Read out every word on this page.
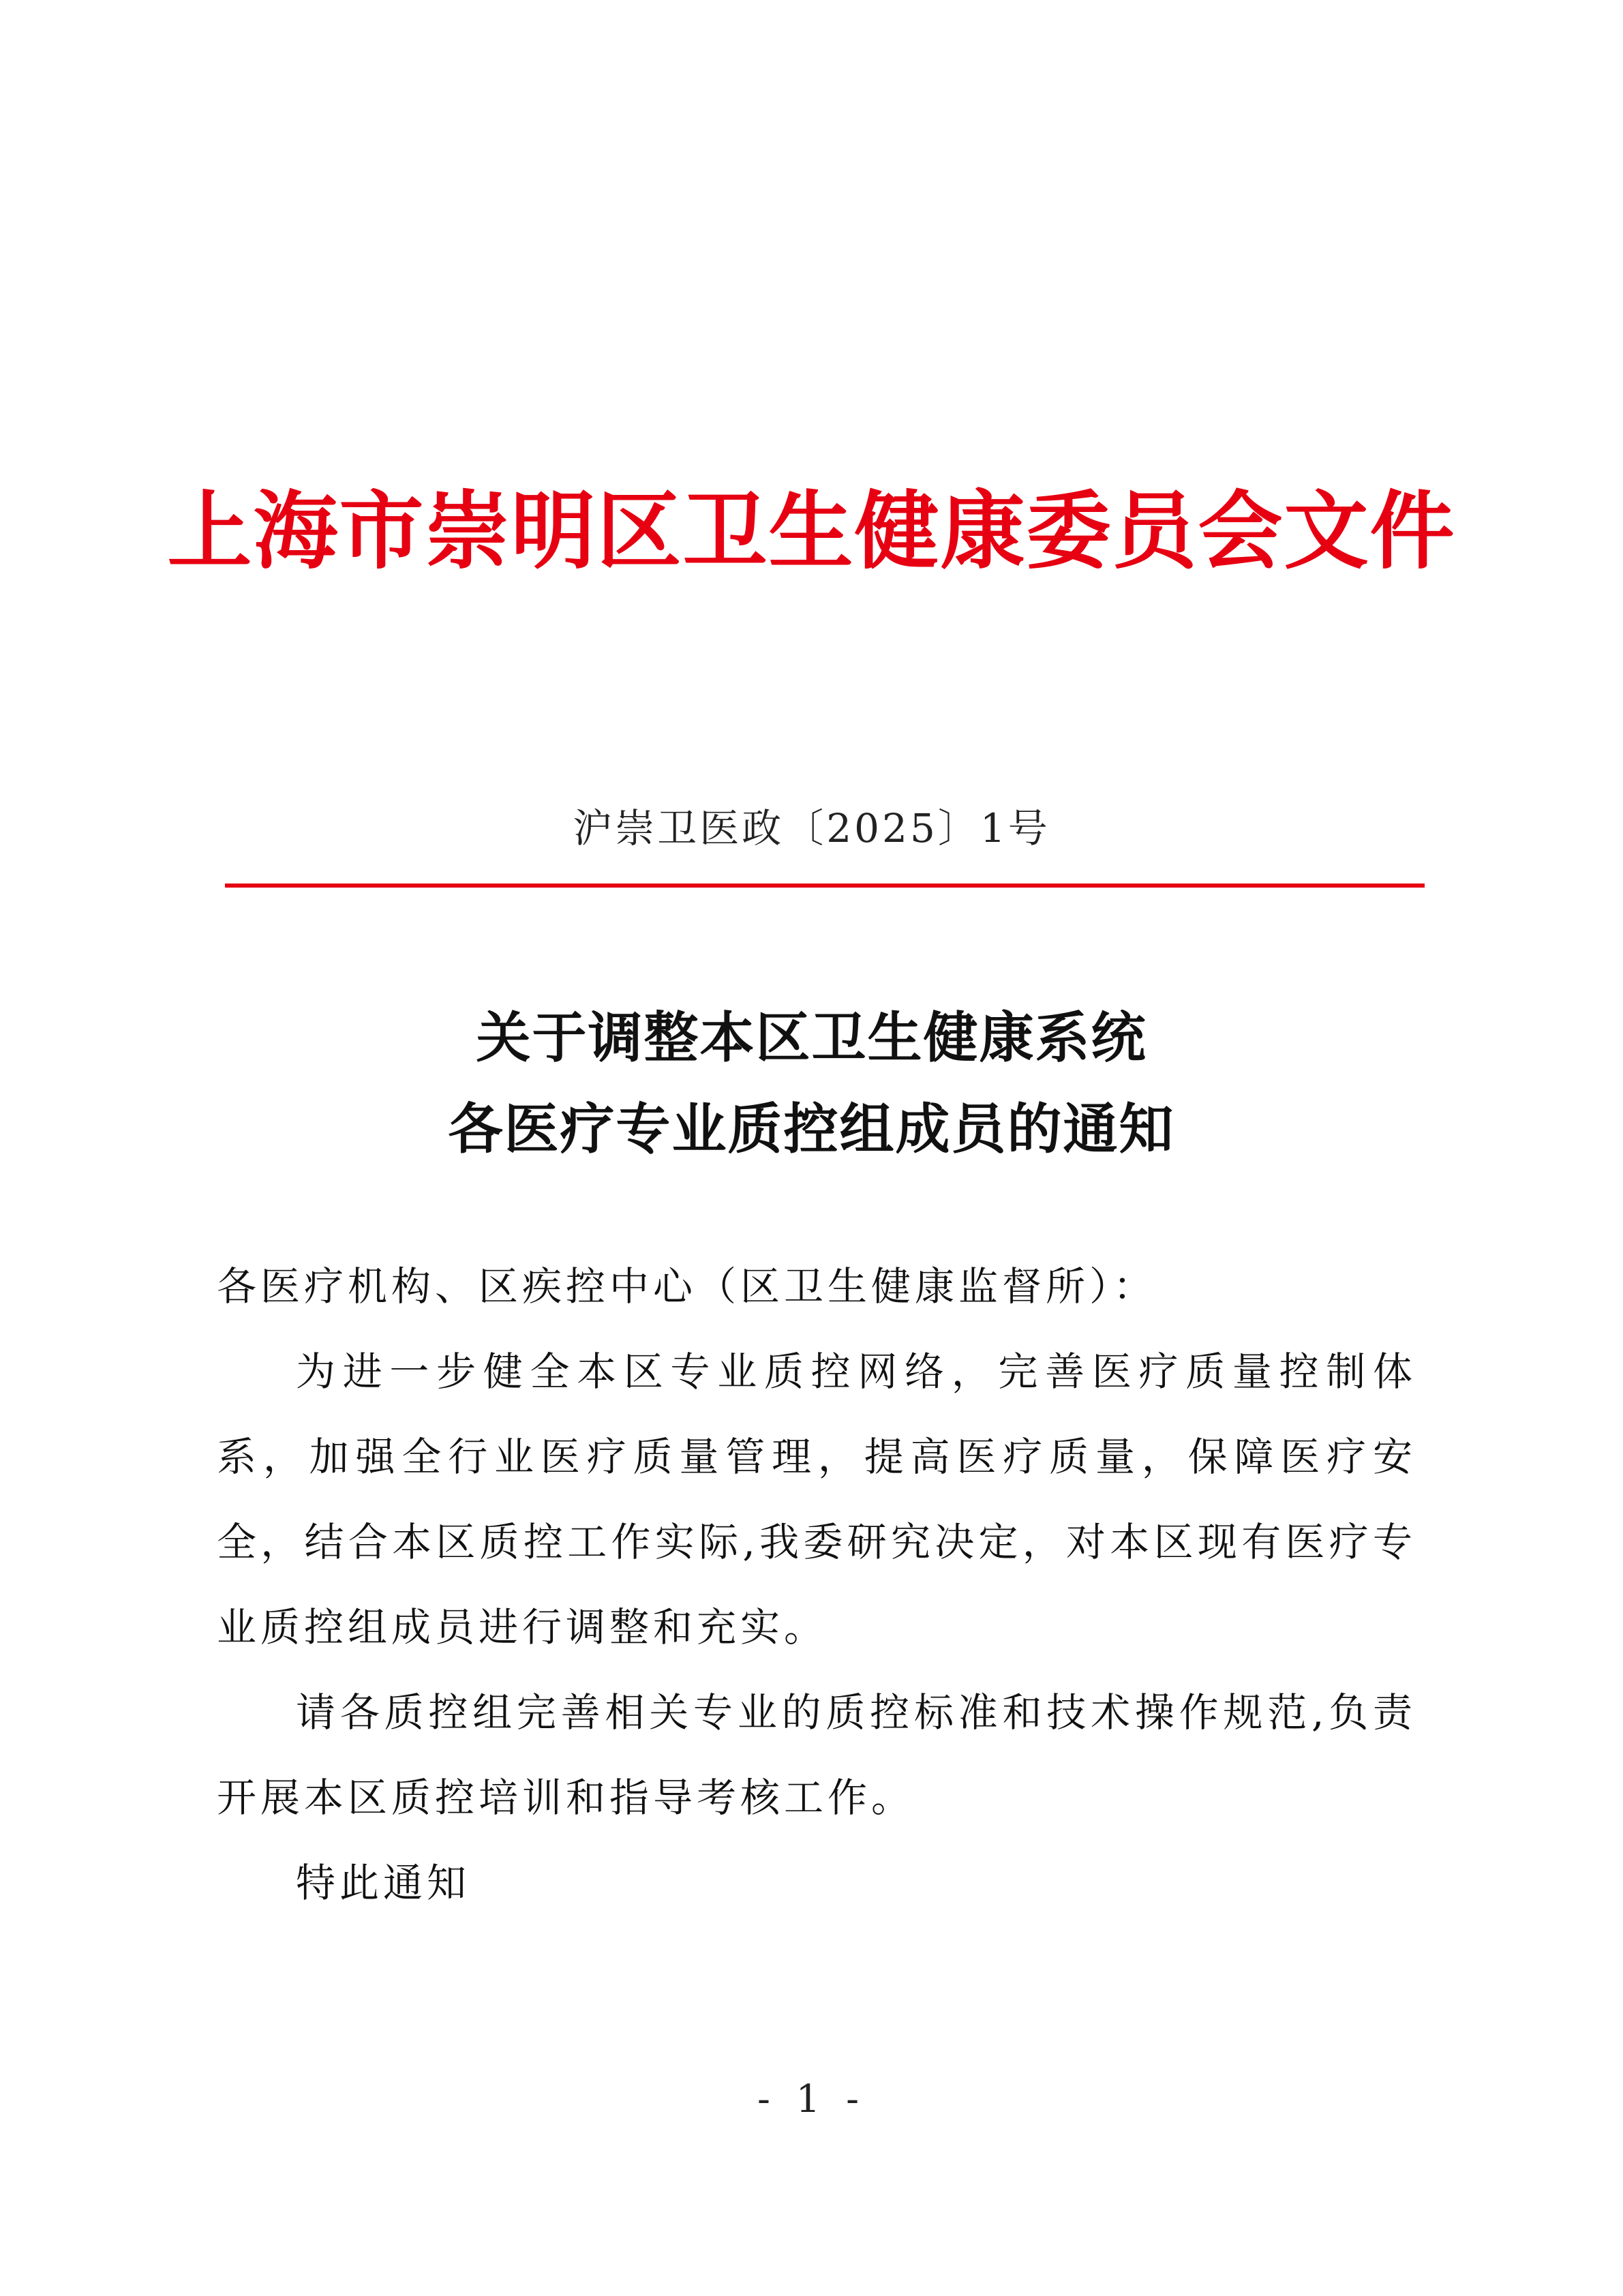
上海市崇明区卫生健康委员会文件
沪崇卫医政〔2025〕1号
关于调整本区卫生健康系统
各医疗专业质控组成员的通知

各医疗机构、区疾控中心（区卫生健康监督所）：

为进一步健全本区专业质控网络，完善医疗质量控制体系，加强全行业医疗质量管理，提高医疗质量，保障医疗安全，结合本区质控工作实际,我委研究决定，对本区现有医疗专业质控组成员进行调整和充实。

请各质控组完善相关专业的质控标准和技术操作规范,负责开展本区质控培训和指导考核工作。

特此通知

- 1 -
